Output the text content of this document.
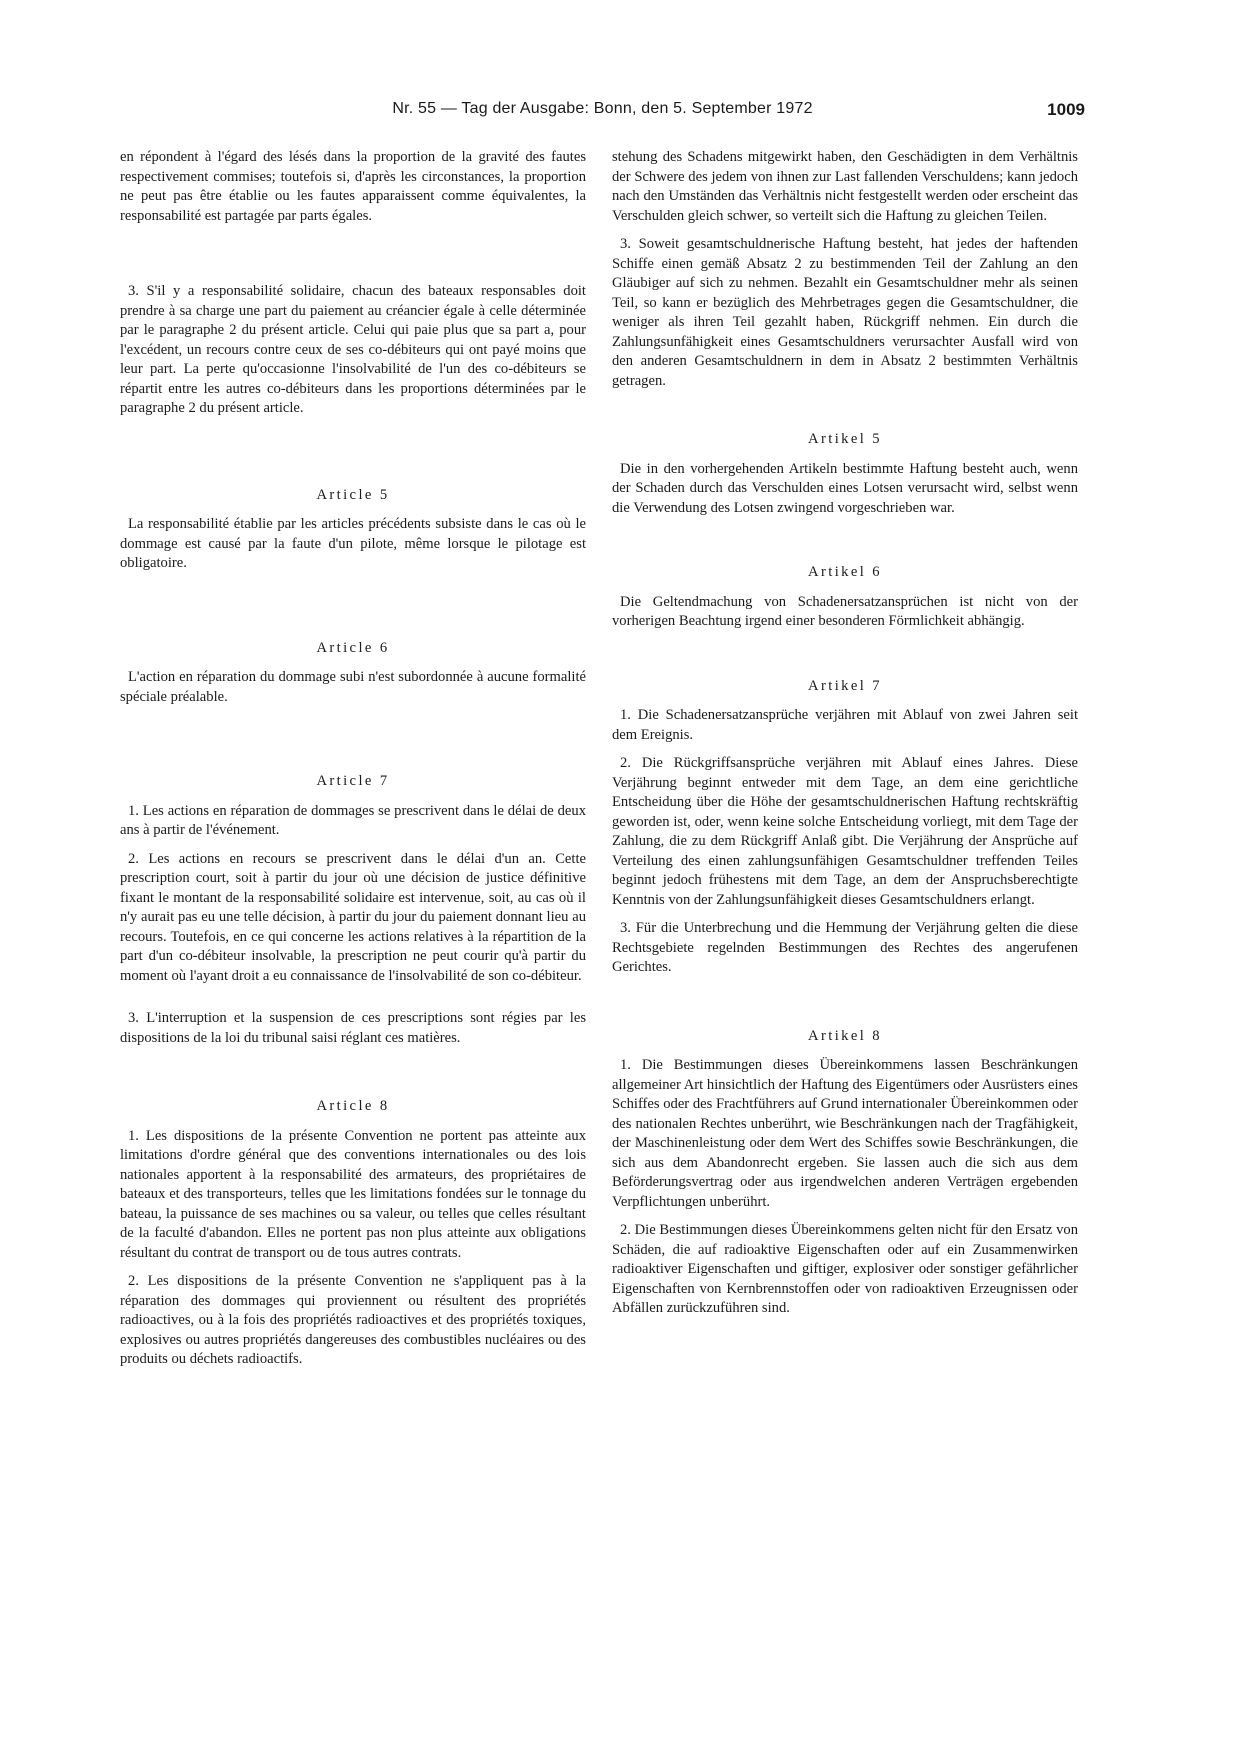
Nr. 55 — Tag der Ausgabe: Bonn, den 5. September 1972	1009

en répondent à l'égard des lésés dans la proportion de la gravité des fautes respectivement commises; toutefois si, d'après les circonstances, la proportion ne peut pas être établie ou les fautes apparaissent comme équivalentes, la responsabilité est partagée par parts égales.

3. S'il y a responsabilité solidaire, chacun des bateaux responsables doit prendre à sa charge une part du paiement au créancier égale à celle déterminée par le paragraphe 2 du présent article. Celui qui paie plus que sa part a, pour l'excédent, un recours contre ceux de ses co-débiteurs qui ont payé moins que leur part. La perte qu'occasionne l'insolvabilité de l'un des co-débiteurs se répartit entre les autres co-débiteurs dans les proportions déterminées par le paragraphe 2 du présent article.

Article 5

La responsabilité établie par les articles précédents subsiste dans le cas où le dommage est causé par la faute d'un pilote, même lorsque le pilotage est obligatoire.

Article 6

L'action en réparation du dommage subi n'est subordonnée à aucune formalité spéciale préalable.

Article 7

1. Les actions en réparation de dommages se prescrivent dans le délai de deux ans à partir de l'événement.

2. Les actions en recours se prescrivent dans le délai d'un an. Cette prescription court, soit à partir du jour où une décision de justice définitive fixant le montant de la responsabilité solidaire est intervenue, soit, au cas où il n'y aurait pas eu une telle décision, à partir du jour du paiement donnant lieu au recours. Toutefois, en ce qui concerne les actions relatives à la répartition de la part d'un co-débiteur insolvable, la prescription ne peut courir qu'à partir du moment où l'ayant droit a eu connaissance de l'insolvabilité de son co-débiteur.

3. L'interruption et la suspension de ces prescriptions sont régies par les dispositions de la loi du tribunal saisi réglant ces matières.

Article 8

1. Les dispositions de la présente Convention ne portent pas atteinte aux limitations d'ordre général que des conventions internationales ou des lois nationales apportent à la responsabilité des armateurs, des propriétaires de bateaux et des transporteurs, telles que les limitations fondées sur le tonnage du bateau, la puissance de ses machines ou sa valeur, ou telles que celles résultant de la faculté d'abandon. Elles ne portent pas non plus atteinte aux obligations résultant du contrat de transport ou de tous autres contrats.

2. Les dispositions de la présente Convention ne s'appliquent pas à la réparation des dommages qui proviennent ou résultent des propriétés radioactives, ou à la fois des propriétés radioactives et des propriétés toxiques, explosives ou autres propriétés dangereuses des combustibles nucléaires ou des produits ou déchets radioactifs.

stehung des Schadens mitgewirkt haben, den Geschädigten in dem Verhältnis der Schwere des jedem von ihnen zur Last fallenden Verschuldens; kann jedoch nach den Umständen das Verhältnis nicht festgestellt werden oder erscheint das Verschulden gleich schwer, so verteilt sich die Haftung zu gleichen Teilen.

3. Soweit gesamtschuldnerische Haftung besteht, hat jedes der haftenden Schiffe einen gemäß Absatz 2 zu bestimmenden Teil der Zahlung an den Gläubiger auf sich zu nehmen. Bezahlt ein Gesamtschuldner mehr als seinen Teil, so kann er bezüglich des Mehrbetrages gegen die Gesamtschuldner, die weniger als ihren Teil gezahlt haben, Rückgriff nehmen. Ein durch die Zahlungsunfähigkeit eines Gesamtschuldners verursachter Ausfall wird von den anderen Gesamtschuldnern in dem in Absatz 2 bestimmten Verhältnis getragen.

Artikel 5

Die in den vorhergehenden Artikeln bestimmte Haftung besteht auch, wenn der Schaden durch das Verschulden eines Lotsen verursacht wird, selbst wenn die Verwendung des Lotsen zwingend vorgeschrieben war.

Artikel 6

Die Geltendmachung von Schadenersatzansprüchen ist nicht von der vorherigen Beachtung irgend einer besonderen Förmlichkeit abhängig.

Artikel 7

1. Die Schadenersatzansprüche verjähren mit Ablauf von zwei Jahren seit dem Ereignis.

2. Die Rückgriffsansprüche verjähren mit Ablauf eines Jahres. Diese Verjährung beginnt entweder mit dem Tage, an dem eine gerichtliche Entscheidung über die Höhe der gesamtschuldnerischen Haftung rechtskräftig geworden ist, oder, wenn keine solche Entscheidung vorliegt, mit dem Tage der Zahlung, die zu dem Rückgriff Anlaß gibt. Die Verjährung der Ansprüche auf Verteilung des einen zahlungsunfähigen Gesamtschuldner treffenden Teiles beginnt jedoch frühestens mit dem Tage, an dem der Anspruchsberechtigte Kenntnis von der Zahlungsunfähigkeit dieses Gesamtschuldners erlangt.

3. Für die Unterbrechung und die Hemmung der Verjährung gelten die diese Rechtsgebiete regelnden Bestimmungen des Rechtes des angerufenen Gerichtes.

Artikel 8

1. Die Bestimmungen dieses Übereinkommens lassen Beschränkungen allgemeiner Art hinsichtlich der Haftung des Eigentümers oder Ausrüsters eines Schiffes oder des Frachtführers auf Grund internationaler Übereinkommen oder des nationalen Rechtes unberührt, wie Beschränkungen nach der Tragfähigkeit, der Maschinenleistung oder dem Wert des Schiffes sowie Beschränkungen, die sich aus dem Abandonrecht ergeben. Sie lassen auch die sich aus dem Beförderungsvertrag oder aus irgendwelchen anderen Verträgen ergebenden Verpflichtungen unberührt.

2. Die Bestimmungen dieses Übereinkommens gelten nicht für den Ersatz von Schäden, die auf radioaktive Eigenschaften oder auf ein Zusammenwirken radioaktiver Eigenschaften und giftiger, explosiver oder sonstiger gefährlicher Eigenschaften von Kernbrennstoffen oder von radioaktiven Erzeugnissen oder Abfällen zurückzuführen sind.
